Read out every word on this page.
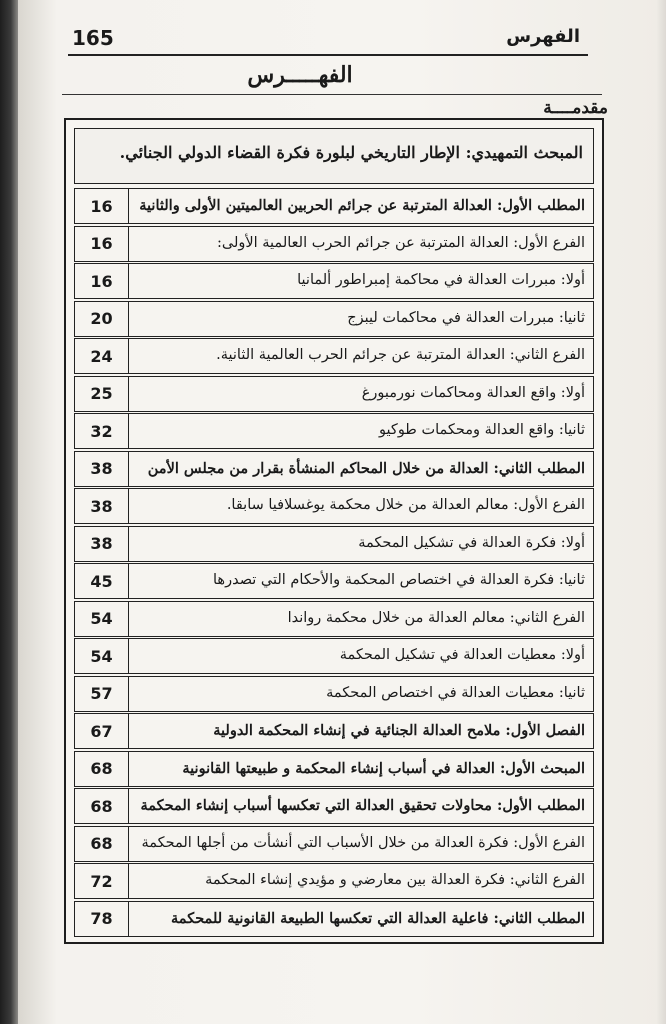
165	الفهرس
الفهـــــرس
مقدمــــة
المبحث التمهيدي: الإطار التاريخي لبلورة فكرة القضاء الدولي الجنائي.
16 المطلب الأول: العدالة المترتبة عن جرائم الحربين العالميتين الأولى والثانية
16	الفرع الأول: العدالة المترتبة عن جرائم الحرب العالمية الأولى:
16	أولا: مبررات العدالة في محاكمة إمبراطور ألمانيا
20	ثانيا: مبررات العدالة في محاكمات ليبزج
24	الفرع الثاني: العدالة المترتبة عن جرائم الحرب العالمية الثانية.
25	أولا: واقع العدالة ومحاكمات نورمبورغ
32	ثانيا: واقع العدالة ومحكمات طوكيو
38 المطلب الثاني: العدالة من خلال المحاكم المنشأة بقرار من مجلس الأمن
38	الفرع الأول: معالم العدالة من خلال محكمة يوغسلافيا سابقا.
38	أولا: فكرة العدالة في تشكيل المحكمة
45	ثانيا: فكرة العدالة في اختصاص المحكمة والأحكام التي تصدرها
54	الفرع الثاني: معالم العدالة من خلال محكمة رواندا
54	أولا: معطيات العدالة في تشكيل المحكمة
57	ثانيا: معطيات العدالة في اختصاص المحكمة
67	الفصل الأول: ملامح العدالة الجنائية في إنشاء المحكمة الدولية
68	المبحث الأول: العدالة في أسباب إنشاء المحكمة و طبيعتها القانونية
68 المطلب الأول: محاولات تحقيق العدالة التي تعكسها أسباب إنشاء المحكمة
68 الفرع الأول: فكرة العدالة من خلال الأسباب التي أنشأت من أجلها المحكمة
72	الفرع الثاني: فكرة العدالة بين معارضي و مؤيدي إنشاء المحكمة
78	المطلب الثاني: فاعلية العدالة التي تعكسها الطبيعة القانونية للمحكمة
